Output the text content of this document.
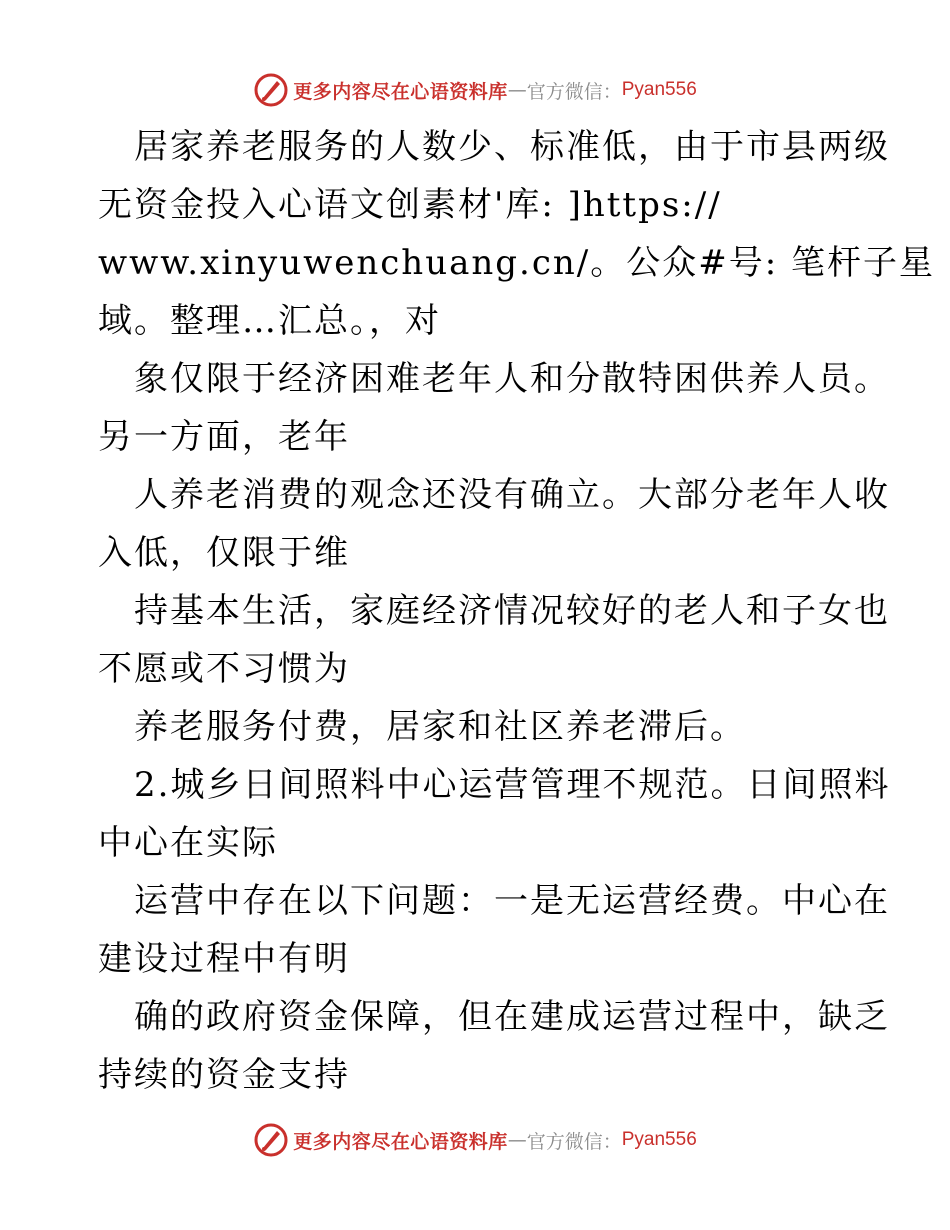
更多内容尽在心语资料库 — 官方微信： Pyan556
居家养老服务的人数少、标准低，由于市县两级
无资金投入心语文创素材'库: ]https://
www.xinyuwenchuang.cn/。公众#号: 笔杆子星
域。整理…汇总。，对
象仅限于经济困难老年人和分散特困供养人员。
另一方面，老年
人养老消费的观念还没有确立。大部分老年人收
入低，仅限于维
持基本生活，家庭经济情况较好的老人和子女也
不愿或不习惯为
养老服务付费，居家和社区养老滞后。
2.城乡日间照料中心运营管理不规范。日间照料
中心在实际
运营中存在以下问题：一是无运营经费。中心在
建设过程中有明
确的政府资金保障，但在建成运营过程中，缺乏
持续的资金支持
更多内容尽在心语资料库 — 官方微信： Pyan556
